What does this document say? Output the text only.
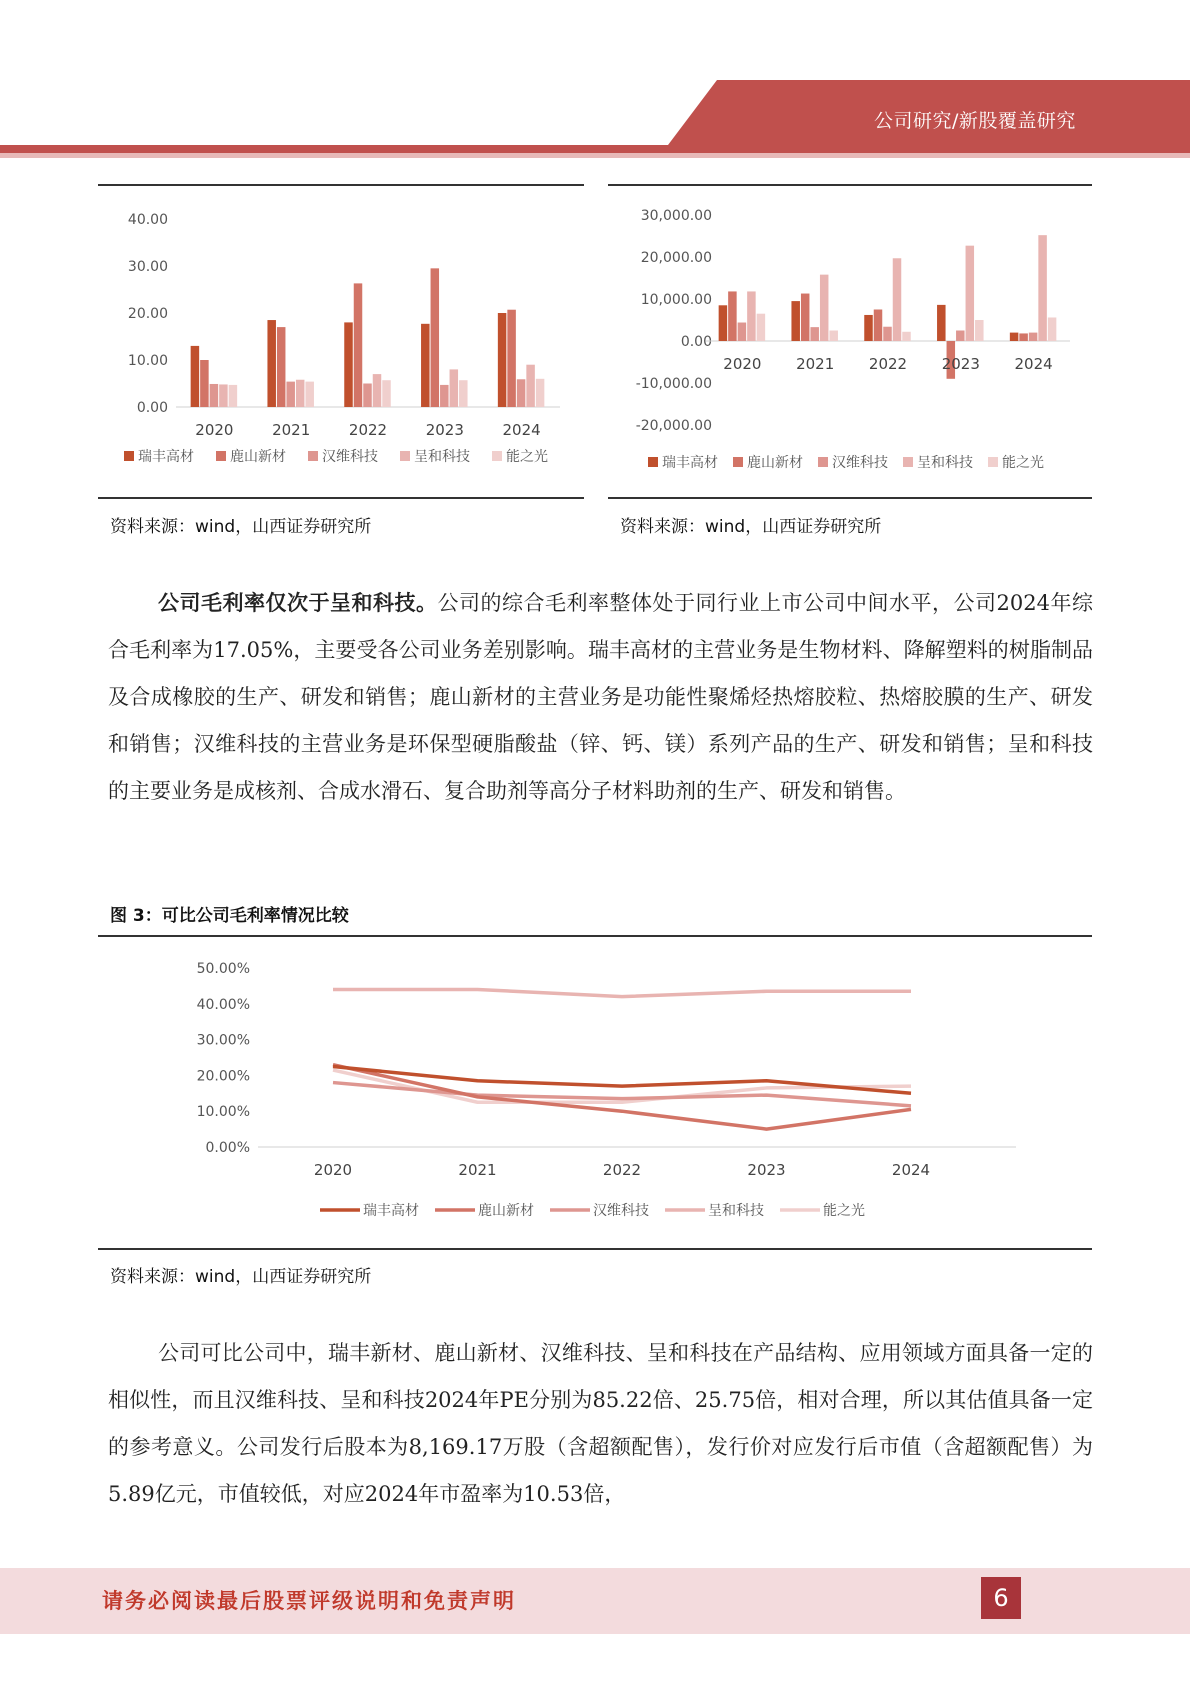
公司研究/新股覆盖研究
40.00
30.00
20.00
10.00
0.00
2020	2021	2022	2023	2024
瑞丰高材	鹿山新材	汉维科技	呈和科技	能之光
资料来源：wind，山西证券研究所
30,000.00
20,000.00
10,000.00
0.00
-10,000.00
-20,000.00
2020 2021 2022 2023 2024
瑞丰高材 鹿山新材 汉维科技 呈和科技 能之光
资料来源：wind，山西证券研究所
公司毛利率仅次于呈和科技。公司的综合毛利率整体处于同行业上市公司中间水平，公司2024年综合毛利率为17.05%，主要受各公司业务差别影响。瑞丰高材的主营业务是生物材料、降解塑料的树脂制品及合成橡胶的生产、研发和销售；鹿山新材的主营业务是功能性聚烯烃热熔胶粒、热熔胶膜的生产、研发和销售；汉维科技的主营业务是环保型硬脂酸盐（锌、钙、镁）系列产品的生产、研发和销售；呈和科技的主要业务是成核剂、合成水滑石、复合助剂等高分子材料助剂的生产、研发和销售。
图 3：可比公司毛利率情况比较
50.00%
40.00%
30.00%
20.00%
10.00%
0.00%
2020	2021	2022	2023	2024
瑞丰高材	鹿山新材	汉维科技	呈和科技	能之光
资料来源：wind，山西证券研究所
公司可比公司中，瑞丰新材、鹿山新材、汉维科技、呈和科技在产品结构、应用领域方面具备一定的相似性，而且汉维科技、呈和科技2024年PE分别为85.22倍、25.75倍，相对合理，所以其估值具备一定的参考意义。公司发行后股本为8,169.17万股（含超额配售），发行价对应发行后市值（含超额配售）为5.89亿元，市值较低，对应2024年市盈率为10.53倍，
请务必阅读最后股票评级说明和免责声明	6
